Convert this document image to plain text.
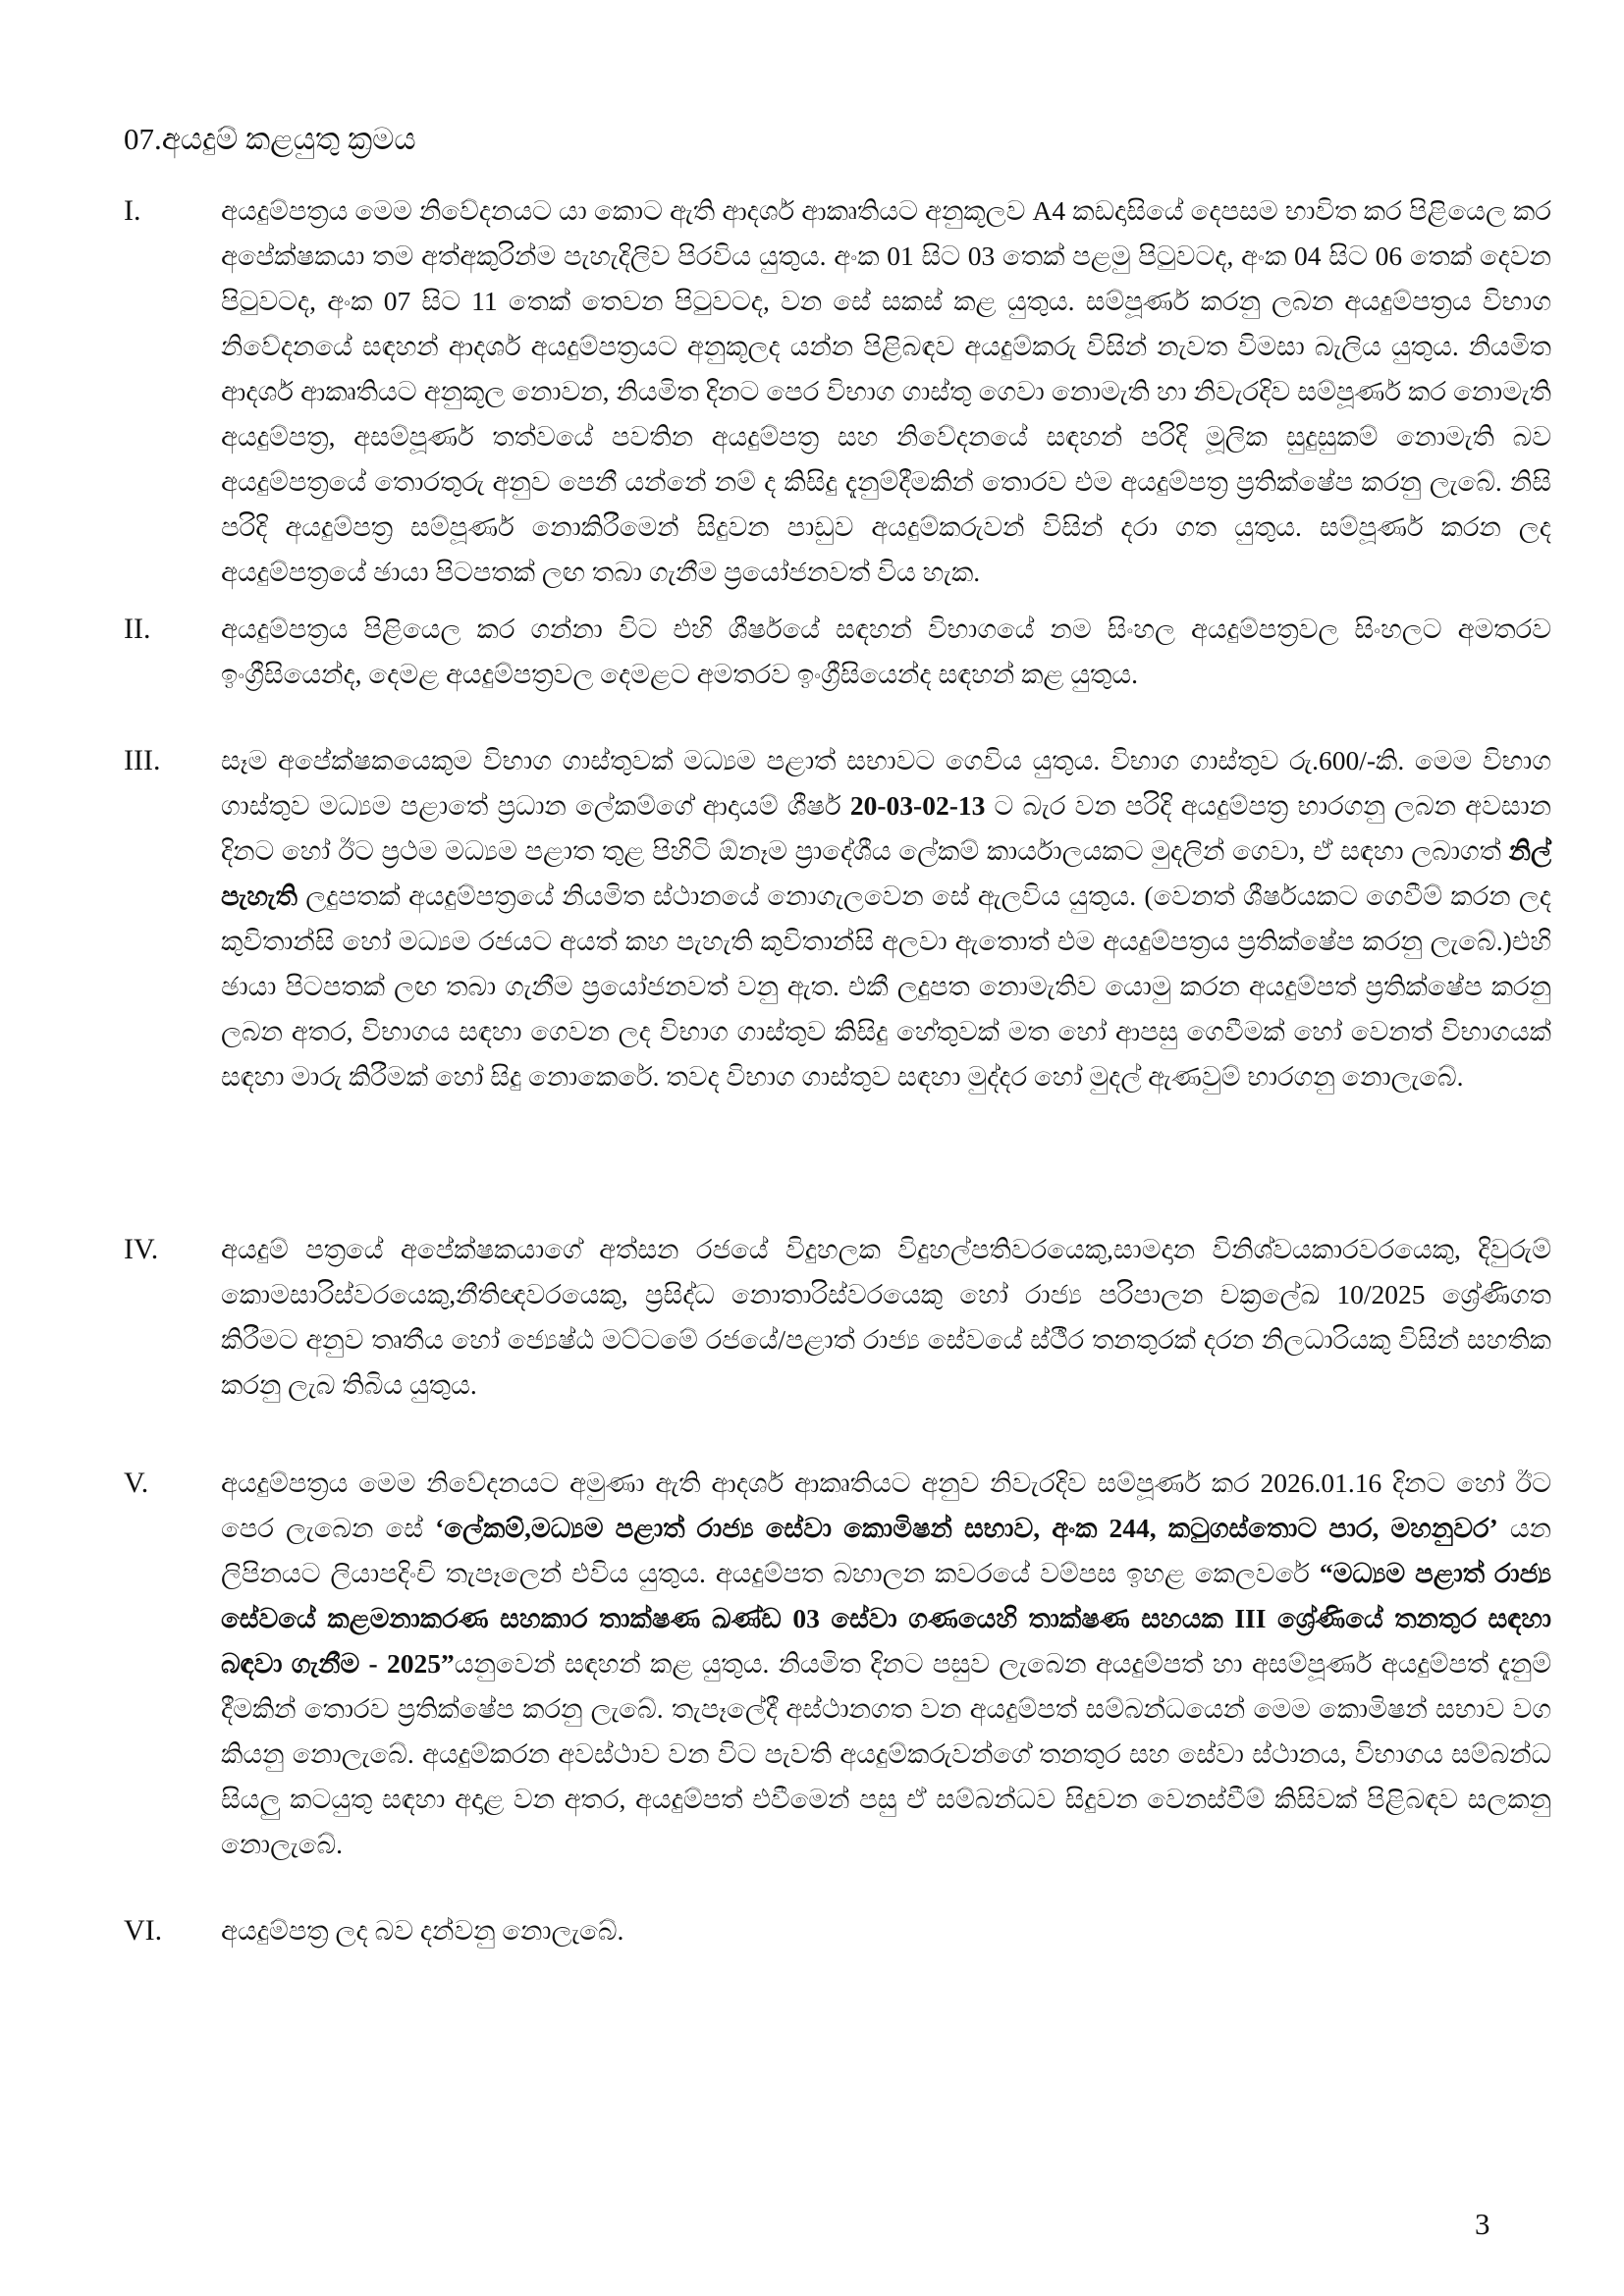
07.අයදුම් කළයුතු ක්‍රමය
I.	අයදුම්පත්‍රය මෙම නිවේදනයට යා කොට ඇති ආදර්ශ ආකෘතියට අනුකූලව A4 කඩදාසියේ දෙපසම භාවිත කර පිළියෙල කර අපේක්ෂකයා තම අත්අකුරින්ම පැහැදිලිව පිරවිය යුතුය. අංක 01 සිට 03 තෙක් පළමු පිටුවටද, අංක 04 සිට 06 තෙක් දෙවන පිටුවටද, අංක 07 සිට 11 තෙක් තෙවන පිටුවටද, වන සේ සකස් කළ යුතුය. සම්පූර්ණ කරනු ලබන අයදුම්පත්‍රය විභාග නිවේදනයේ සඳහන් ආදර්ශ අයදුම්පත්‍රයට අනුකූලද යන්න පිළිබඳව අයදුම්කරු විසින් නැවත විමසා බැලිය යුතුය. නියමිත ආදර්ශ ආකෘතියට අනුකූල නොවන, නියමිත දිනට පෙර විභාග ගාස්තු ගෙවා නොමැති හා නිවැරදිව සම්පූර්ණ කර නොමැති අයදුම්පත්‍ර, අසම්පූර්ණ තත්වයේ පවතින අයදුම්පත්‍ර සහ නිවේදනයේ සඳහන් පරිදි මූලික සුදුසුකම් නොමැති බව අයදුම්පත්‍රයේ තොරතුරු අනුව පෙනී යන්නේ නම් ද කිසිදු දැනුම්දීමකින් තොරව එම අයදුම්පත්‍ර ප්‍රතික්ෂේප කරනු ලැබේ. නිසි පරිදි අයදුම්පත්‍ර සම්පූර්ණ නොකිරීමෙන් සිදුවන පාඩුව අයදුම්කරුවන් විසින් දරා ගත යුතුය. සම්පූර්ණ කරන ලද අයදුම්පත්‍රයේ ඡායා පිටපතක් ලඟ තබා ගැනීම ප්‍රයෝජනවත් විය හැක.
II.	අයදුම්පත්‍රය පිළියෙල කර ගන්නා විට එහි ශීර්ෂයේ සඳහන් විභාගයේ නම සිංහල අයදුම්පත්‍රවල සිංහලට අමතරව ඉංග්‍රීසියෙන්ද, දෙමළ අයදුම්පත්‍රවල දෙමළට අමතරව ඉංග්‍රීසියෙන්ද සඳහන් කළ යුතුය.
III.	සෑම අපේක්ෂකයෙකුම විභාග ගාස්තුවක් මධ්‍යම පළාත් සභාවට ගෙවිය යුතුය. විභාග ගාස්තුව රු.600/-කි. මෙම විභාග ගාස්තුව මධ්‍යම පළාතේ ප්‍රධාන ලේකම්ගේ ආදායම් ශීර්ෂ 20-03-02-13 ට බැර වන පරිදි අයදුම්පත්‍ර භාරගනු ලබන අවසාන දිනට හෝ ඊට ප්‍රථම මධ්‍යම පළාත තුළ පිහිටි ඕනෑම ප්‍රාදේශීය ලේකම් කාර්යාලයකට මුදලින් ගෙවා, ඒ සඳහා ලබාගත් නිල් පැහැති ලදුපතක් අයදුම්පත්‍රයේ නියමිත ස්ථානයේ නොගැලවෙන සේ ඇලවිය යුතුය. (වෙනත් ශීර්ෂයකට ගෙවීම් කරන ලද කුවිතාන්සි හෝ මධ්‍යම රජයට අයත් කහ පැහැති කුවිතාන්සි අලවා ඇතොත් එම අයදුම්පත්‍රය ප්‍රතික්ෂේප කරනු ලැබේ.)එහි ඡායා පිටපතක් ලඟ තබා ගැනීම ප්‍රයෝජනවත් වනු ඇත. එකී ලදුපත නොමැතිව යොමු කරන අයදුම්පත් ප්‍රතික්ෂේප කරනු ලබන අතර, විභාගය සඳහා ගෙවන ලද විභාග ගාස්තුව කිසිදු හේතුවක් මත හෝ ආපසු ගෙවීමක් හෝ වෙනත් විභාගයක් සඳහා මාරු කිරීමක් හෝ සිදු නොකෙරේ. තවද විභාග ගාස්තුව සඳහා මුද්දර හෝ මුදල් ඇණවුම් භාරගනු නොලැබේ.
IV.	අයදුම් පත්‍රයේ අපේක්ෂකයාගේ අත්සන රජයේ විදුහලක විදුහල්පතිවරයෙකු,සාමදාන විනිශ්වයකාරවරයෙකු, දිවුරුම් කොමසාරිස්වරයෙකු,නීතිඥවරයෙකු, ප්‍රසිද්ධ නොතාරිස්වරයෙකු හෝ රාජ්‍ය පරිපාලන චක්‍රලේඛ 10/2025 ශ්‍රේණිගත කිරීමට අනුව තෘතීය හෝ ජ්‍යෙෂ්ඨ මට්ටමේ රජයේ/පළාත් රාජ්‍ය සේවයේ ස්ථීර තනතුරක් දරන නිලධාරියකු විසින් සහතික කරනු ලැබ තිබිය යුතුය.
V.	අයදුම්පත්‍රය මෙම නිවේදනයට අමුණා ඇති ආදර්ශ ආකෘතියට අනුව නිවැරදිව සම්පූර්ණ කර 2026.01.16 දිනට හෝ ඊට පෙර ලැබෙන සේ ‘ලේකම්,මධ්‍යම පළාත් රාජ්‍ය සේවා කොමිෂන් සභාව, අංක 244, කටුගස්තොට පාර, මහනුවර’ යන ලිපිනයට ලියාපදිංචි තැපෑලෙන් එවිය යුතුය. අයදුම්පත බහාලන කවරයේ වම්පස ඉහළ කෙලවරේ “මධ්‍යම පළාත් රාජ්‍ය සේවයේ කළමනාකරණ සහකාර තාක්ෂණ ඛණ්ඩ 03 සේවා ගණයෙහි තාක්ෂණ සහයක III ශ්‍රේණියේ තනතුර සඳහා බඳවා ගැනීම - 2025”යනුවෙන් සඳහන් කළ යුතුය. නියමිත දිනට පසුව ලැබෙන අයදුම්පත් හා අසම්පූර්ණ අයදුම්පත් දැනුම් දීමකින් තොරව ප්‍රතික්ෂේප කරනු ලැබේ. තැපෑලේදී අස්ථානගත වන අයදුම්පත් සම්බන්ධයෙන් මෙම කොමිෂන් සභාව වග කියනු නොලැබේ. අයදුම්කරන අවස්ථාව වන විට පැවති අයදුම්කරුවන්ගේ තනතුර සහ සේවා ස්ථානය, විභාගය සම්බන්ධ සියලු කටයුතු සඳහා අදාළ වන අතර, අයදුම්පත් එවීමෙන් පසු ඒ සම්බන්ධව සිදුවන වෙනස්වීම් කිසිවක් පිළිබඳව සලකනු නොලැබේ.
VI.	අයදුම්පත්‍ර ලද බව දන්වනු නොලැබේ.
3
